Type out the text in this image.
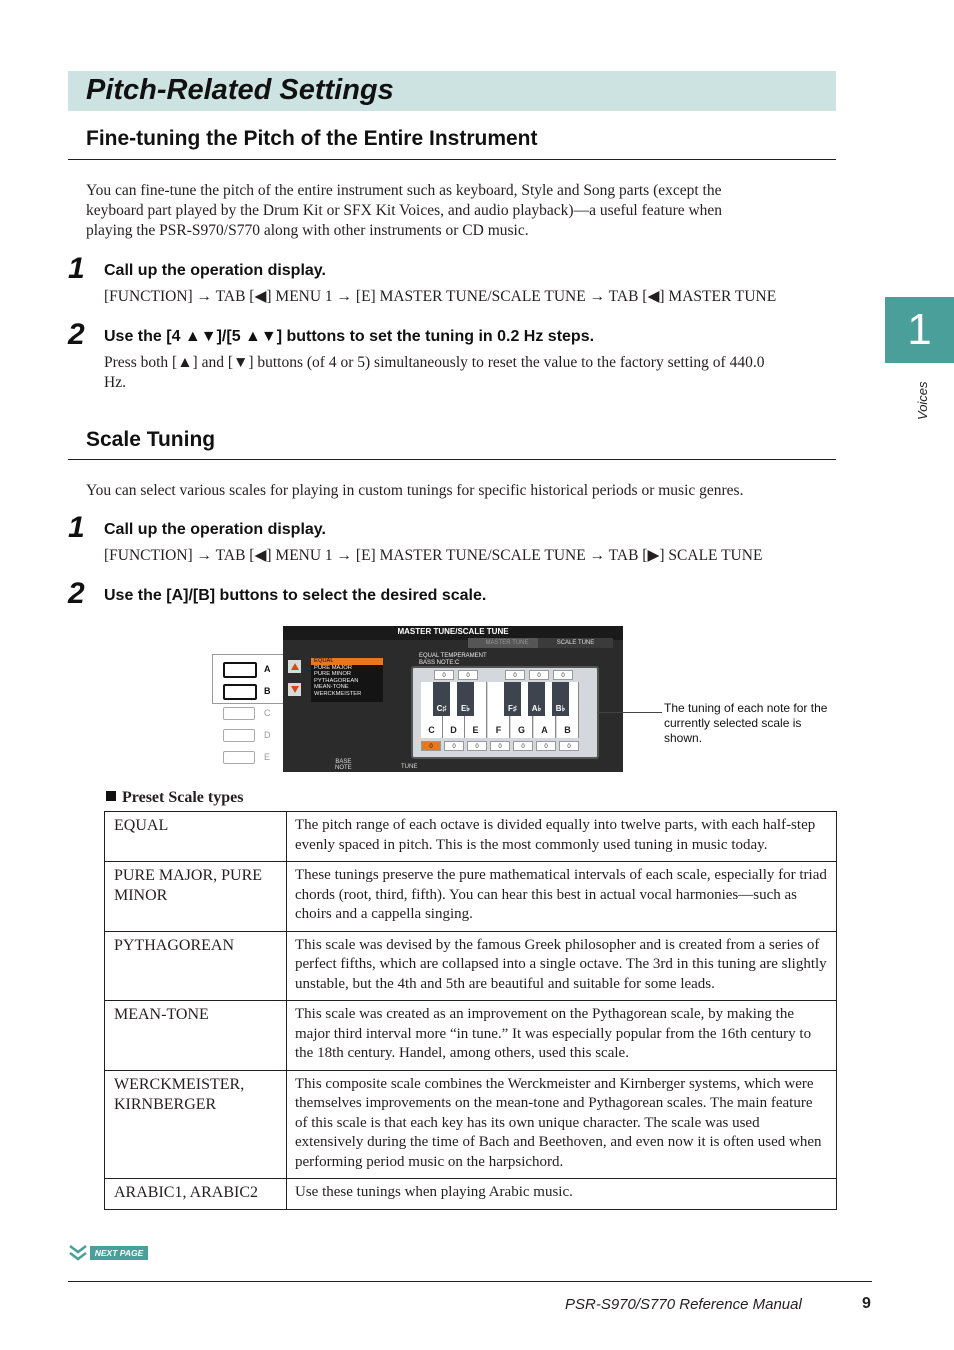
Pitch-Related Settings
1
Voices
Fine-tuning the Pitch of the Entire Instrument
You can fine-tune the pitch of the entire instrument such as keyboard, Style and Song parts (except the
keyboard part played by the Drum Kit or SFX Kit Voices, and audio playback)—a useful feature when
playing the PSR-S970/S770 along with other instruments or CD music.
1 Call up the operation display.
[FUNCTION] → TAB [◀] MENU 1 → [E] MASTER TUNE/SCALE TUNE → TAB [◀] MASTER TUNE
2 Use the [4 ▲▼]/[5 ▲▼] buttons to set the tuning in 0.2 Hz steps.
Press both [▲] and [▼] buttons (of 4 or 5) simultaneously to reset the value to the factory setting of 440.0
Hz.
Scale Tuning
You can select various scales for playing in custom tunings for specific historical periods or music genres.
1 Call up the operation display.
[FUNCTION] → TAB [◀] MENU 1 → [E] MASTER TUNE/SCALE TUNE → TAB [▶] SCALE TUNE
2 Use the [A]/[B] buttons to select the desired scale.
A
B
C
D
E
MASTER TUNE/SCALE TUNE
MASTER TUNE	SCALE TUNE
EQUAL
PURE MAJOR
PURE MINOR
PYTHAGOREAN
MEAN-TONE
WERCKMEISTER
EQUAL TEMPERAMENT
BASS NOTE:C
0	0	0	0	0
C	D	E	F	G	A	B
C♯	E♭	F♯	A♭	B♭
0	0	0	0	0	0	0
BASE
NOTE	TUNE
The tuning of each note for the currently selected scale is shown.
Preset Scale types
EQUAL	The pitch range of each octave is divided equally into twelve parts, with each half-step evenly spaced in pitch. This is the most commonly used tuning in music today.
PURE MAJOR, PURE MINOR	These tunings preserve the pure mathematical intervals of each scale, especially for triad chords (root, third, fifth). You can hear this best in actual vocal harmonies—such as choirs and a cappella singing.
PYTHAGOREAN	This scale was devised by the famous Greek philosopher and is created from a series of perfect fifths, which are collapsed into a single octave. The 3rd in this tuning are slightly unstable, but the 4th and 5th are beautiful and suitable for some leads.
MEAN-TONE	This scale was created as an improvement on the Pythagorean scale, by making the major third interval more “in tune.” It was especially popular from the 16th century to the 18th century. Handel, among others, used this scale.
WERCKMEISTER, KIRNBERGER	This composite scale combines the Werckmeister and Kirnberger systems, which were themselves improvements on the mean-tone and Pythagorean scales. The main feature of this scale is that each key has its own unique character. The scale was used extensively during the time of Bach and Beethoven, and even now it is often used when performing period music on the harpsichord.
ARABIC1, ARABIC2	Use these tunings when playing Arabic music.
NEXT PAGE
PSR-S970/S770 Reference Manual	9
